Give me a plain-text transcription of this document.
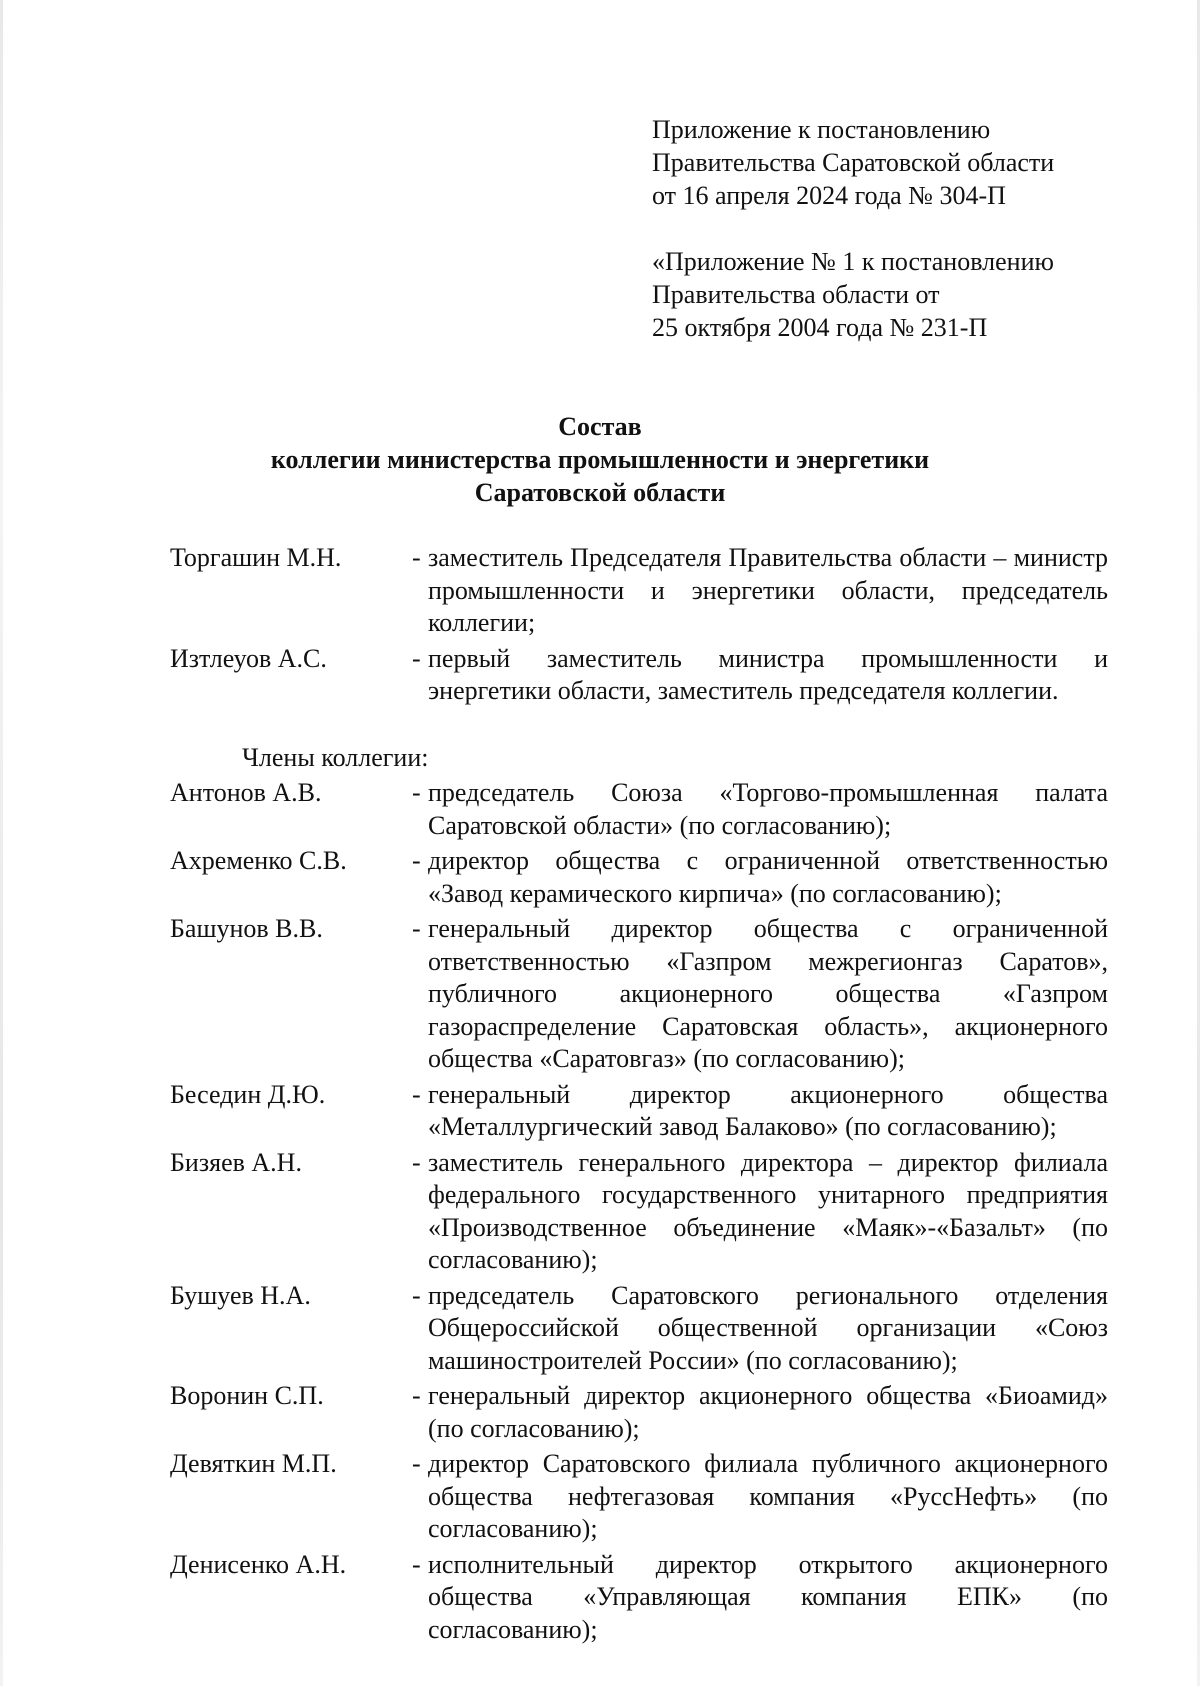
Приложение к постановлению
Правительства Саратовской области
от 16 апреля 2024 года № 304-П
«Приложение № 1 к постановлению
Правительства области от
25 октября 2004 года № 231-П
Состав
коллегии министерства промышленности и энергетики
Саратовской области
Торгашин М.Н.	- заместитель Председателя Правительства области – министр промышленности и энергетики области, председатель коллегии;
Изтлеуов А.С.	- первый заместитель министра промышленности и энергетики области, заместитель председателя коллегии.
Члены коллегии:
Антонов А.В.	- председатель Союза «Торгово-промышленная палата Саратовской области» (по согласованию);
Ахременко С.В.	- директор общества с ограниченной ответственностью «Завод керамического кирпича» (по согласованию);
Башунов В.В.	- генеральный директор общества с ограниченной ответственностью «Газпром межрегионгаз Саратов», публичного акционерного общества «Газпром газораспределение Саратовская область», акционерного общества «Саратовгаз» (по согласованию);
Беседин Д.Ю.	- генеральный директор акционерного общества «Металлургический завод Балаково» (по согласованию);
Бизяев А.Н.	- заместитель генерального директора – директор филиала федерального государственного унитарного предприятия «Производственное объединение «Маяк»-«Базальт» (по согласованию);
Бушуев Н.А.	- председатель Саратовского регионального отделения Общероссийской общественной организации «Союз машиностроителей России» (по согласованию);
Воронин С.П.	- генеральный директор акционерного общества «Биоамид» (по согласованию);
Девяткин М.П.	- директор Саратовского филиала публичного акционерного общества нефтегазовая компания «РуссНефть» (по согласованию);
Денисенко А.Н.	- исполнительный директор открытого акционерного общества «Управляющая компания ЕПК» (по согласованию);
